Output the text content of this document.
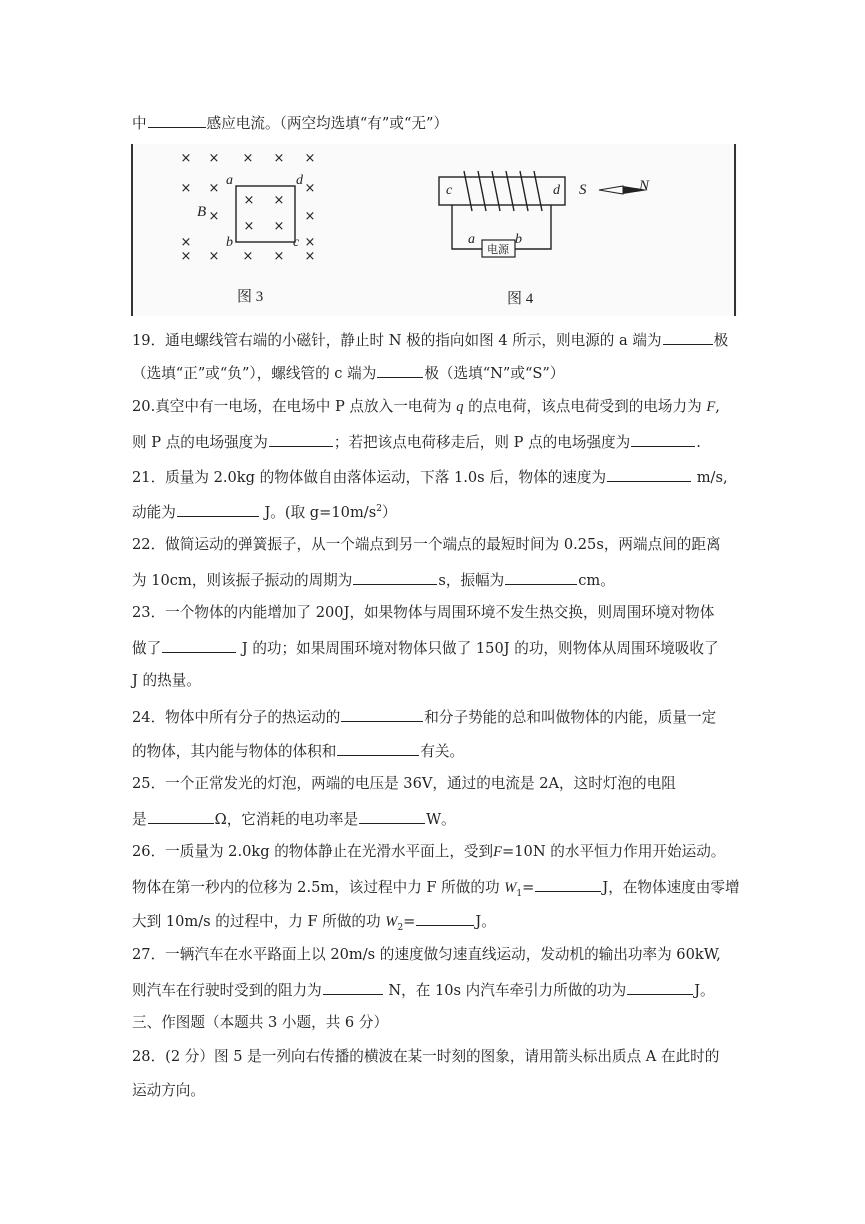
中	感应电流。（两空均选填“有”或“无”）
× × × × ×
× ×	×
×	×
×	×
× × × × ×
× ×
× ×
a	d
b	c
B
图 3
电源
c	d
a	b
S	N
图 4
19．通电螺线管右端的小磁针，静止时 N 极的指向如图 4 所示，则电源的 a 端为	极
（选填“正”或“负”），螺线管的 c 端为	极（选填“N”或“S”）
20.真空中有一电场，在电场中 P 点放入一电荷为 q 的点电荷，该点电荷受到的电场力为 F,
则 P 点的电场强度为	；若把该点电荷移走后，则 P 点的电场强度为	.
21．质量为 2.0kg 的物体做自由落体运动，下落 1.0s 后，物体的速度为	m/s,
动能为	J。(取 $g=10m/s^2$）
22．做简运动的弹簧振子，从一个端点到另一个端点的最短时间为 0.25s，两端点间的距离
为 10cm，则该振子振动的周期为	s，振幅为	cm。
23．一个物体的内能增加了 200J，如果物体与周围环境不发生热交换，则周围环境对物体
做了	J 的功；如果周围环境对物体只做了 150J 的功，则物体从周围环境吸收了
J 的热量。
24．物体中所有分子的热运动的	和分子势能的总和叫做物体的内能，质量一定
的物体，其内能与物体的体积和	有关。
25．一个正常发光的灯泡，两端的电压是 36V，通过的电流是 2A，这时灯泡的电阻
是	Ω，它消耗的电功率是	W。
26．一质量为 2.0kg 的物体静止在光滑水平面上，受到F=10N 的水平恒力作用开始运动。
物体在第一秒内的位移为 2.5m，该过程中力 F 所做的功 $W_1=$	J，在物体速度由零增
大到 10m/s 的过程中，力 F 所做的功 $W_2=$	J。
27．一辆汽车在水平路面上以 20m/s 的速度做匀速直线运动，发动机的输出功率为 60kW,
则汽车在行驶时受到的阻力为	N，在 10s 内汽车牵引力所做的功为	J。
三、作图题（本题共 3 小题，共 6 分）
28．(2 分）图 5 是一列向右传播的横波在某一时刻的图象，请用箭头标出质点 A 在此时的
运动方向。
